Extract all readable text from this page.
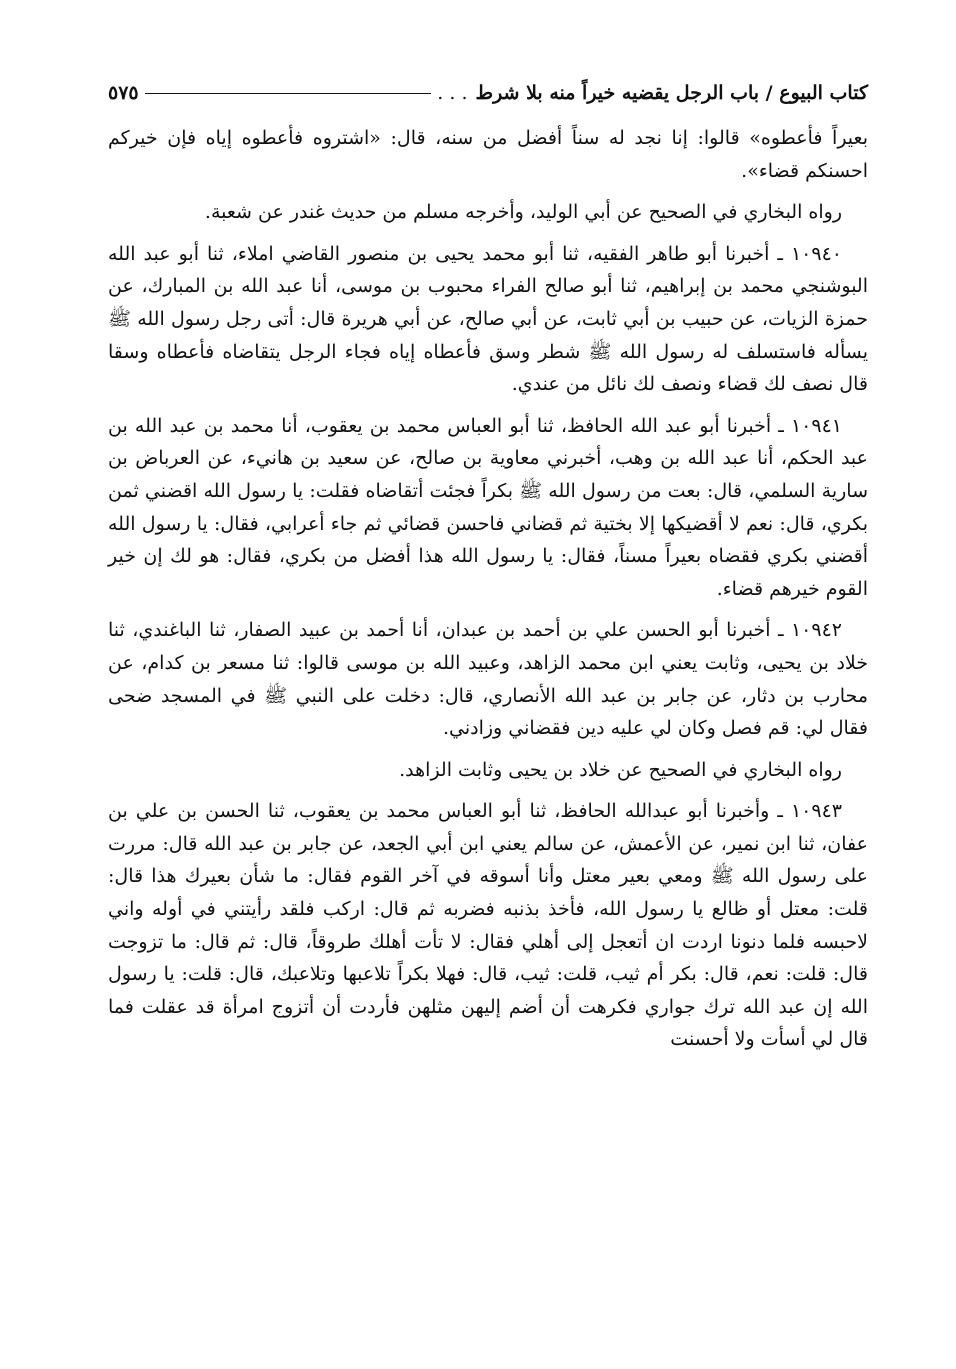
كتاب البيوع / باب الرجل يقضيه خيراً منه بلا شرط
. . .
٥٧٥

بعيراً فأعطوه» قالوا: إنا نجد له سناً أفضل من سنه، قال: «اشتروه فأعطوه إياه فإن خيركم احسنكم قضاء».

رواه البخاري في الصحيح عن أبي الوليد، وأخرجه مسلم من حديث غندر عن شعبة.

١٠٩٤٠ ـ أخبرنا أبو طاهر الفقيه، ثنا أبو محمد يحيى بن منصور القاضي املاء، ثنا أبو عبد الله البوشنجي محمد بن إبراهيم، ثنا أبو صالح الفراء محبوب بن موسى، أنا عبد الله بن المبارك، عن حمزة الزيات، عن حبيب بن أبي ثابت، عن أبي صالح، عن أبي هريرة قال: أتى رجل رسول الله ﷺ يسأله فاستسلف له رسول الله ﷺ شطر وسق فأعطاه إياه فجاء الرجل يتقاضاه فأعطاه وسقا قال نصف لك قضاء ونصف لك نائل من عندي.

١٠٩٤١ ـ أخبرنا أبو عبد الله الحافظ، ثنا أبو العباس محمد بن يعقوب، أنا محمد بن عبد الله بن عبد الحكم، أنا عبد الله بن وهب، أخبرني معاوية بن صالح، عن سعيد بن هانيء، عن العرباض بن سارية السلمي، قال: بعت من رسول الله ﷺ بكراً فجئت أتقاضاه فقلت: يا رسول الله اقضني ثمن بكري، قال: نعم لا أقضيكها إلا بختية ثم قضاني فاحسن قضائي ثم جاء أعرابي، فقال: يا رسول الله أقضني بكري فقضاه بعيراً مسناً، فقال: يا رسول الله هذا أفضل من بكري، فقال: هو لك إن خير القوم خيرهم قضاء.

١٠٩٤٢ ـ أخبرنا أبو الحسن علي بن أحمد بن عبدان، أنا أحمد بن عبيد الصفار، ثنا الباغندي، ثنا خلاد بن يحيى، وثابت يعني ابن محمد الزاهد، وعبيد الله بن موسى قالوا: ثنا مسعر بن كدام، عن محارب بن دثار، عن جابر بن عبد الله الأنصاري، قال: دخلت على النبي ﷺ في المسجد ضحى فقال لي: قم فصل وكان لي عليه دين فقضاني وزادني.

رواه البخاري في الصحيح عن خلاد بن يحيى وثابت الزاهد.

١٠٩٤٣ ـ وأخبرنا أبو عبدالله الحافظ، ثنا أبو العباس محمد بن يعقوب، ثنا الحسن بن علي بن عفان، ثنا ابن نمير، عن الأعمش، عن سالم يعني ابن أبي الجعد، عن جابر بن عبد الله قال: مررت على رسول الله ﷺ ومعي بعير معتل وأنا أسوقه في آخر القوم فقال: ما شأن بعيرك هذا قال: قلت: معتل أو ظالع يا رسول الله، فأخذ بذنبه فضربه ثم قال: اركب فلقد رأيتني في أوله واني لاحبسه فلما دنونا اردت ان أتعجل إلى أهلي فقال: لا تأت أهلك طروقاً، قال: ثم قال: ما تزوجت قال: قلت: نعم، قال: بكر أم ثيب، قلت: ثيب، قال: فهلا بكراً تلاعبها وتلاعبك، قال: قلت: يا رسول الله إن عبد الله ترك جواري فكرهت أن أضم إليهن مثلهن فأردت أن أتزوج امرأة قد عقلت فما قال لي أسأت ولا أحسنت
